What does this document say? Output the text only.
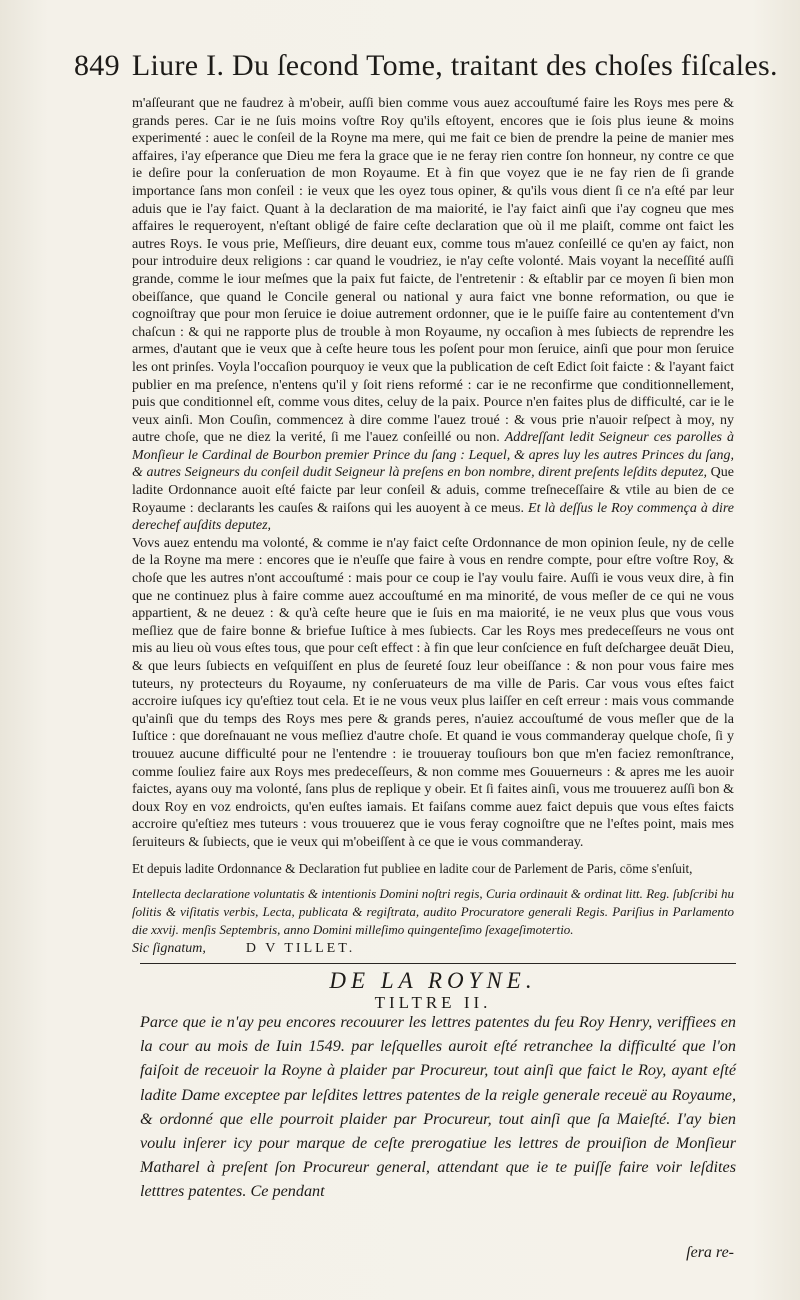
849 Liure I. Du ſecond Tome, traitant des choſes fiſcales.

m'aſſeurant que ne faudrez à m'obeir, auſſi bien comme vous auez accouſtumé faire les Roys mes pere & grands peres. Car ie ne ſuis moins voſtre Roy qu'ils eſtoyent, encores que ie ſois plus ieune & moins experimenté : auec le conſeil de la Royne ma mere, qui me fait ce bien de prendre la peine de manier mes affaires, i'ay eſperance que Dieu me fera la grace que ie ne feray rien contre ſon honneur, ny contre ce que ie deſire pour la conſeruation de mon Royaume. Et à fin que voyez que ie ne fay rien de ſi grande importance ſans mon conſeil : ie veux que les oyez tous opiner, & qu'ils vous dient ſi ce n'a eſté par leur aduis que ie l'ay faict. Quant à la declaration de ma maiorité, ie l'ay faict ainſi que i'ay cogneu que mes affaires le requeroyent, n'eſtant obligé de faire ceſte declaration que où il me plaiſt, comme ont faict les autres Roys. Ie vous prie, Meſſieurs, dire deuant eux, comme tous m'auez conſeillé ce qu'en ay faict, non pour introduire deux religions : car quand le voudriez, ie n'ay ceſte volonté. Mais voyant la neceſſité auſſi grande, comme le iour meſmes que la paix fut faicte, de l'entretenir : & eſtablir par ce moyen ſi bien mon obeiſſance, que quand le Concile general ou national y aura faict vne bonne reformation, ou que ie cognoiſtray que pour mon ſeruice ie doiue autrement ordonner, que ie le puiſſe faire au contentement d'vn chaſcun : & qui ne rapporte plus de trouble à mon Royaume, ny occaſion à mes ſubiects de reprendre les armes, d'autant que ie veux que à ceſte heure tous les poſent pour mon ſeruice, ainſi que pour mon ſeruice les ont prinſes. Voyla l'occaſion pourquoy ie veux que la publication de ceſt Edict ſoit faicte : & l'ayant faict publier en ma preſence, n'entens qu'il y ſoit riens reformé : car ie ne reconfirme que conditionnellement, puis que conditionnel eſt, comme vous dites, celuy de la paix. Pource n'en faites plus de difficulté, car ie le veux ainſi. Mon Couſin, commencez à dire comme l'auez troué : & vous prie n'auoir reſpect à moy, ny autre choſe, que ne diez la verité, ſi me l'auez conſeillé ou non. Addreſſant ledit Seigneur ces parolles à Monſieur le Cardinal de Bourbon premier Prince du ſang : Lequel, & apres luy les autres Princes du ſang, & autres Seigneurs du conſeil dudit Seigneur là preſens en bon nombre, dirent preſents leſdits deputez, Que ladite Ordonnance auoit eſté faicte par leur conſeil & aduis, comme treſneceſſaire & vtile au bien de ce Royaume : declarants les cauſes & raiſons qui les auoyent à ce meus. Et là deſſus le Roy commença à dire derechef auſdits deputez,

Vovs auez entendu ma volonté, & comme ie n'ay faict ceſte Ordonnance de mon opinion ſeule, ny de celle de la Royne ma mere : encores que ie n'euſſe que faire à vous en rendre compte, pour eſtre voſtre Roy, & choſe que les autres n'ont accouſtumé : mais pour ce coup ie l'ay voulu faire. Auſſi ie vous veux dire, à fin que ne continuez plus à faire comme auez accouſtumé en ma minorité, de vous meſler de ce qui ne vous appartient, & ne deuez : & qu'à ceſte heure que ie ſuis en ma maiorité, ie ne veux plus que vous vous meſliez que de faire bonne & briefue Iuſtice à mes ſubiects. Car les Roys mes predeceſſeurs ne vous ont mis au lieu où vous eſtes tous, que pour ceſt effect : à fin que leur conſcience en fuſt deſchargee deuāt Dieu, & que leurs ſubiects en veſquiſſent en plus de ſeureté ſouz leur obeiſſance : & non pour vous faire mes tuteurs, ny protecteurs du Royaume, ny conſeruateurs de ma ville de Paris. Car vous vous eſtes faict accroire iuſques icy qu'eſtiez tout cela. Et ie ne vous veux plus laiſſer en ceſt erreur : mais vous commande qu'ainſi que du temps des Roys mes pere & grands peres, n'auiez accouſtumé de vous meſler que de la Iuſtice : que doreſnauant ne vous meſliez d'autre choſe. Et quand ie vous commanderay quelque choſe, ſi y trouuez aucune difficulté pour ne l'entendre : ie trouueray touſiours bon que m'en faciez remonſtrance, comme ſouliez faire aux Roys mes predeceſſeurs, & non comme mes Gouuerneurs : & apres me les auoir faictes, ayans ouy ma volonté, ſans plus de replique y obeir. Et ſi faites ainſi, vous me trouuerez auſſi bon & doux Roy en voz endroicts, qu'en euſtes iamais. Et faiſans comme auez faict depuis que vous eſtes faicts accroire qu'eſtiez mes tuteurs : vous trouuerez que ie vous feray cognoiſtre que ne l'eſtes point, mais mes ſeruiteurs & ſubiects, que ie veux qui m'obeiſſent à ce que ie vous commanderay.

Et depuis ladite Ordonnance & Declaration fut publiee en ladite cour de Parlement de Paris, cōme s'enſuit,

Intellecta declaratione voluntatis & intentionis Domini noſtri regis, Curia ordinauit & ordinat litt. Reg. ſubſcribi hu ſolitis & viſitatis verbis, Lecta, publicata & regiſtrata, audito Procuratore generali Regis. Pariſius in Parlamento die xxvij. menſis Septembris, anno Domini milleſimo quingenteſimo ſexageſimotertio.

Sic ſignatum,	D V TILLET.
DE LA ROYNE.
TILTRE II.

Parce que ie n'ay peu encores recouurer les lettres patentes du feu Roy Henry, veriffiees en la cour au mois de Iuin 1549. par leſquelles auroit eſté retranchee la difficulté que l'on faiſoit de receuoir la Royne à plaider par Procureur, tout ainſi que faict le Roy, ayant eſté ladite Dame exceptee par leſdites lettres patentes de la reigle generale receuë au Royaume, & ordonné que elle pourroit plaider par Procureur, tout ainſi que ſa Maieſté. I'ay bien voulu inſerer icy pour marque de ceſte prerogatiue les lettres de prouiſion de Monſieur Matharel à preſent ſon Procureur general, attendant que ie te puiſſe faire voir leſdites letttres patentes. Ce pendant

ſera re-
